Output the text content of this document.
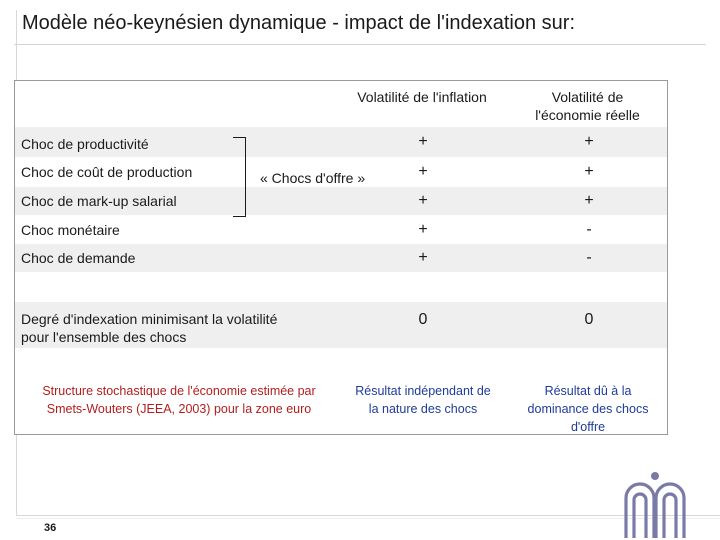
Modèle néo-keynésien dynamique - impact de l'indexation sur:
Volatilité de l'inflation	Volatilité de l'économie réelle
Choc de productivité
Choc de coût de production
Choc de mark-up salarial
Choc monétaire
Choc de demande
« Chocs d'offre »
+
+
+
+
+
+
+
+
-
-
Degré d'indexation minimisant la volatilité
pour l'ensemble des chocs
0	0
Structure stochastique de l'économie estimée par
Smets-Wouters (JEEA, 2003) pour la zone euro
Résultat indépendant de
la nature des chocs
Résultat dû à la
dominance des chocs
d'offre
36
